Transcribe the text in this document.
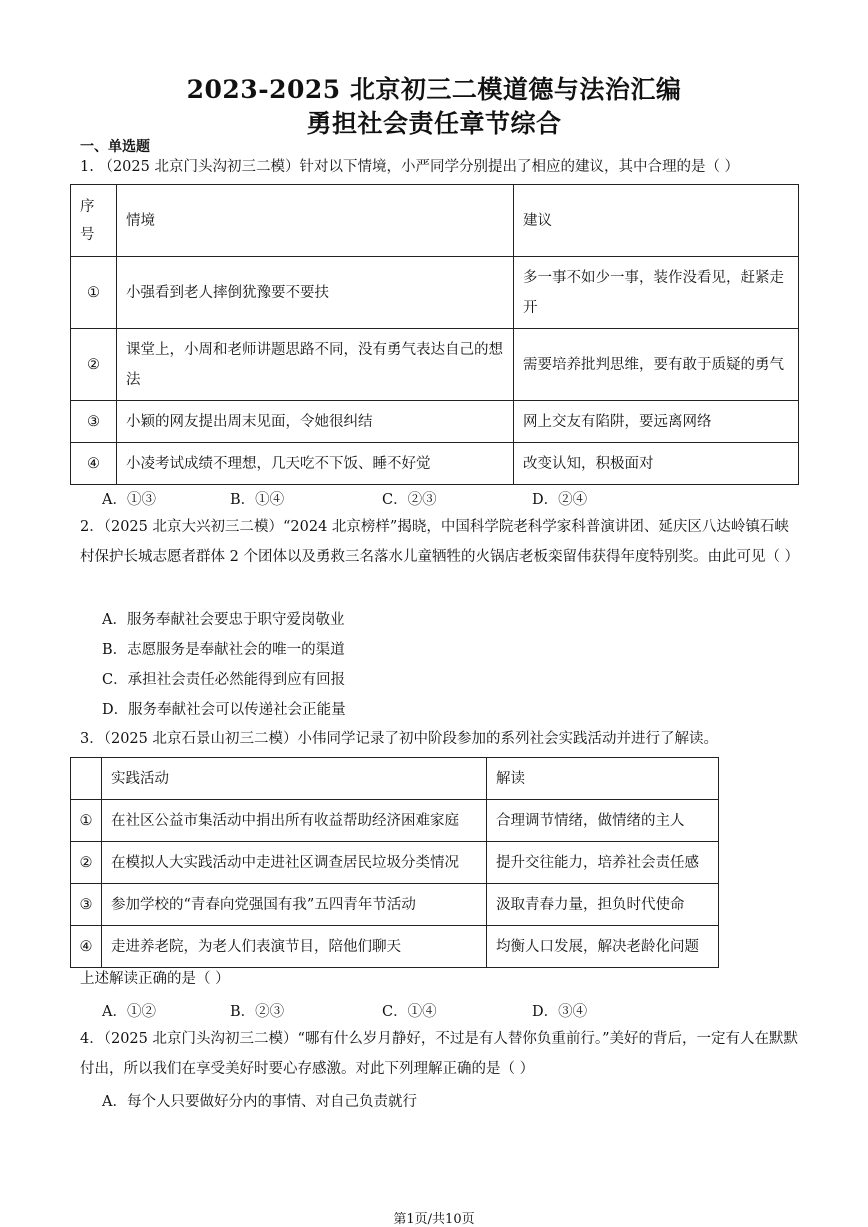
2023-2025 北京初三二模道德与法治汇编
勇担社会责任章节综合
一、单选题
1. （2025 北京门头沟初三二模）针对以下情境，小严同学分别提出了相应的建议，其中合理的是（ ）
序号	情境	建议
①	小强看到老人摔倒犹豫要不要扶	多一事不如少一事，装作没看见，赶紧走开
②	课堂上，小周和老师讲题思路不同，没有勇气表达自己的想法	需要培养批判思维，要有敢于质疑的勇气
③	小颖的网友提出周末见面，令她很纠结	网上交友有陷阱，要远离网络
④	小凌考试成绩不理想，几天吃不下饭、睡不好觉	改变认知，积极面对
A．①③	B．①④	C．②③	D．②④
2．（2025 北京大兴初三二模）“2024 北京榜样”揭晓，中国科学院老科学家科普演讲团、延庆区八达岭镇石峡村保护长城志愿者群体 2 个团体以及勇救三名落水儿童牺牲的火锅店老板栾留伟获得年度特别奖。由此可见（ ）
A．服务奉献社会要忠于职守爱岗敬业
B．志愿服务是奉献社会的唯一的渠道
C．承担社会责任必然能得到应有回报
D．服务奉献社会可以传递社会正能量
3．（2025 北京石景山初三二模）小伟同学记录了初中阶段参加的系列社会实践活动并进行了解读。
	实践活动	解读
①	在社区公益市集活动中捐出所有收益帮助经济困难家庭	合理调节情绪，做情绪的主人
②	在模拟人大实践活动中走进社区调查居民垃圾分类情况	提升交往能力，培养社会责任感
③	参加学校的“青春向党强国有我”五四青年节活动	汲取青春力量，担负时代使命
④	走进养老院，为老人们表演节目，陪他们聊天	均衡人口发展，解决老龄化问题
上述解读正确的是（ ）
A．①②	B．②③	C．①④	D．③④
4．（2025 北京门头沟初三二模）“哪有什么岁月静好，不过是有人替你负重前行。”美好的背后，一定有人在默默付出，所以我们在享受美好时要心存感激。对此下列理解正确的是（ ）
A．每个人只要做好分内的事情、对自己负责就行
第1页/共10页
